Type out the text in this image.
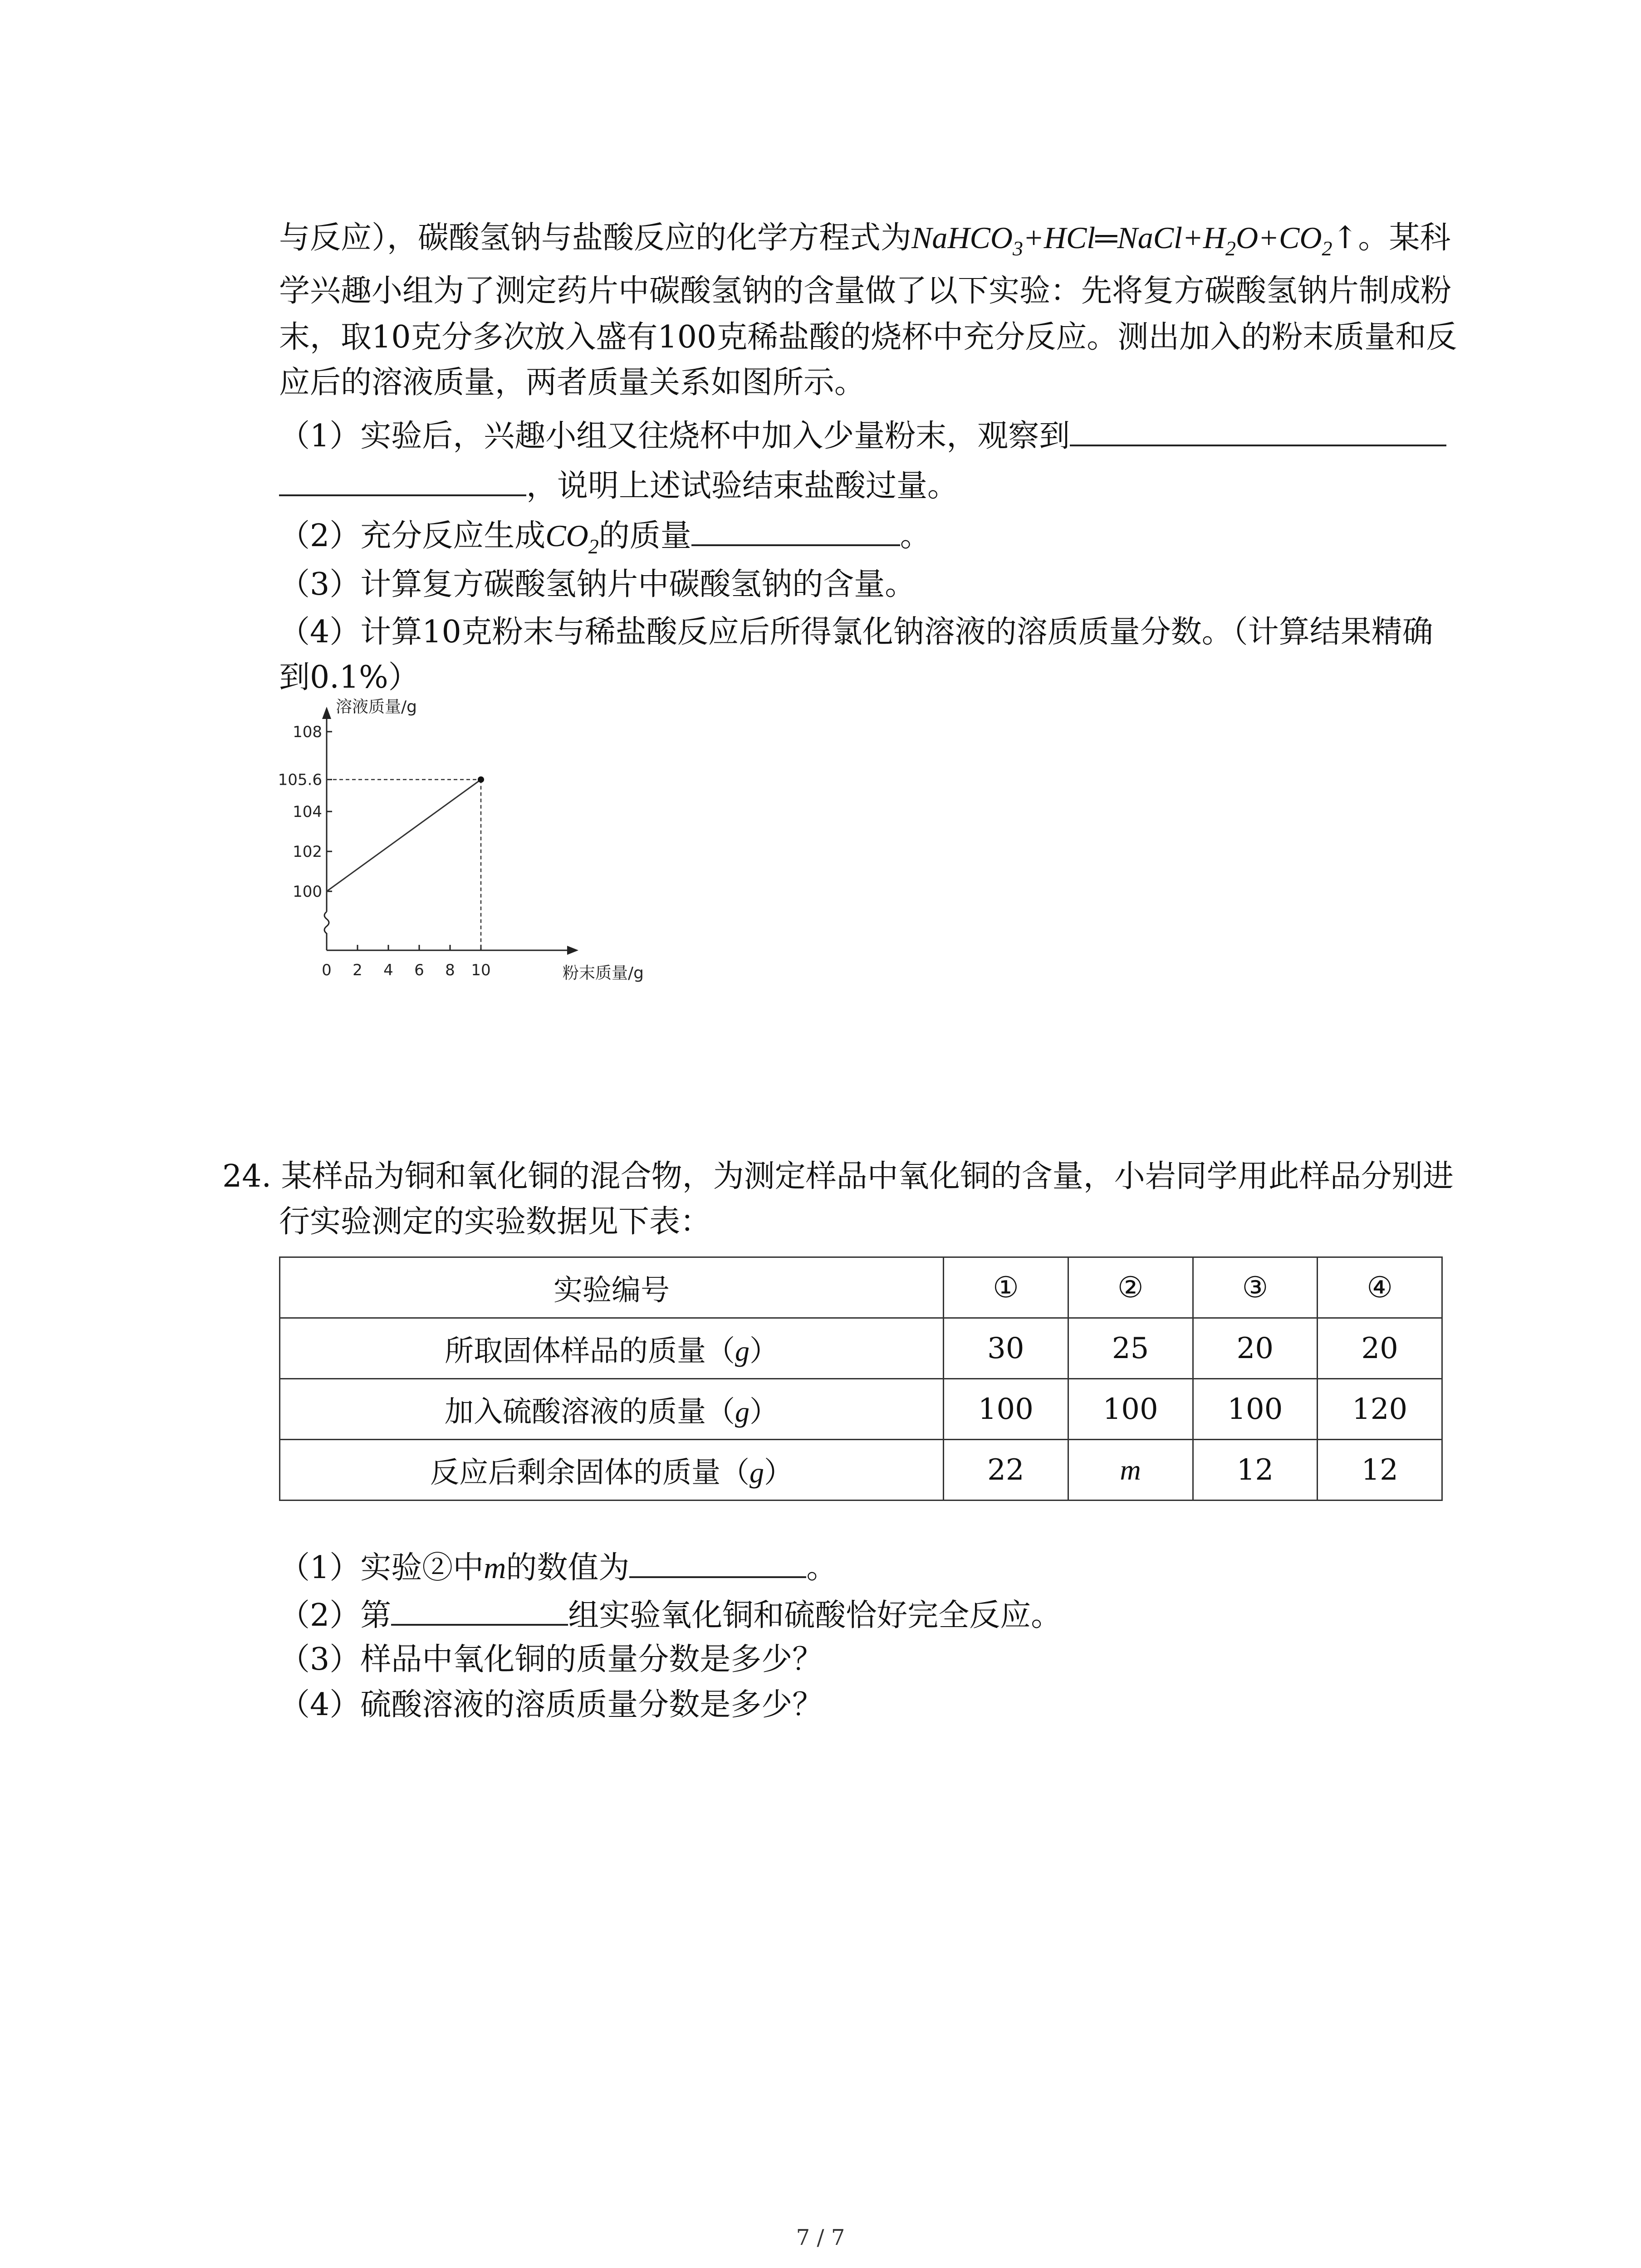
与反应），碳酸氢钠与盐酸反应的化学方程式为$NaHCO_3+HCl═NaCl+H_2O+CO_2↑$。某科
学兴趣小组为了测定药片中碳酸氢钠的含量做了以下实验：先将复方碳酸氢钠片制成粉
末，取10克分多次放入盛有100克稀盐酸的烧杯中充分反应。测出加入的粉末质量和反
应后的溶液质量，两者质量关系如图所示。
（1）实验后，兴趣小组又往烧杯中加入少量粉末，观察到
，说明上述试验结束盐酸过量。
（2）充分反应生成$CO_2$的质量	。
（3）计算复方碳酸氢钠片中碳酸氢钠的含量。
（4）计算10克粉末与稀盐酸反应后所得氯化钠溶液的溶质质量分数。（计算结果精确
到0.1%）
100
102
104
105.6
108
0 2 4 6 8 10
溶液质量/g
粉末质量/g
24. 某样品为铜和氧化铜的混合物，为测定样品中氧化铜的含量，小岩同学用此样品分别进
行实验测定的实验数据见下表：
实验编号	①	②	③	④
所取固体样品的质量（g）	30	25	20	20
加入硫酸溶液的质量（g）	100	100	100	120
反应后剩余固体的质量（g）	22	m	12	12
（1）实验②中m的数值为	。
（2）第	组实验氧化铜和硫酸恰好完全反应。
（3）样品中氧化铜的质量分数是多少？
（4）硫酸溶液的溶质质量分数是多少？
7 / 7
